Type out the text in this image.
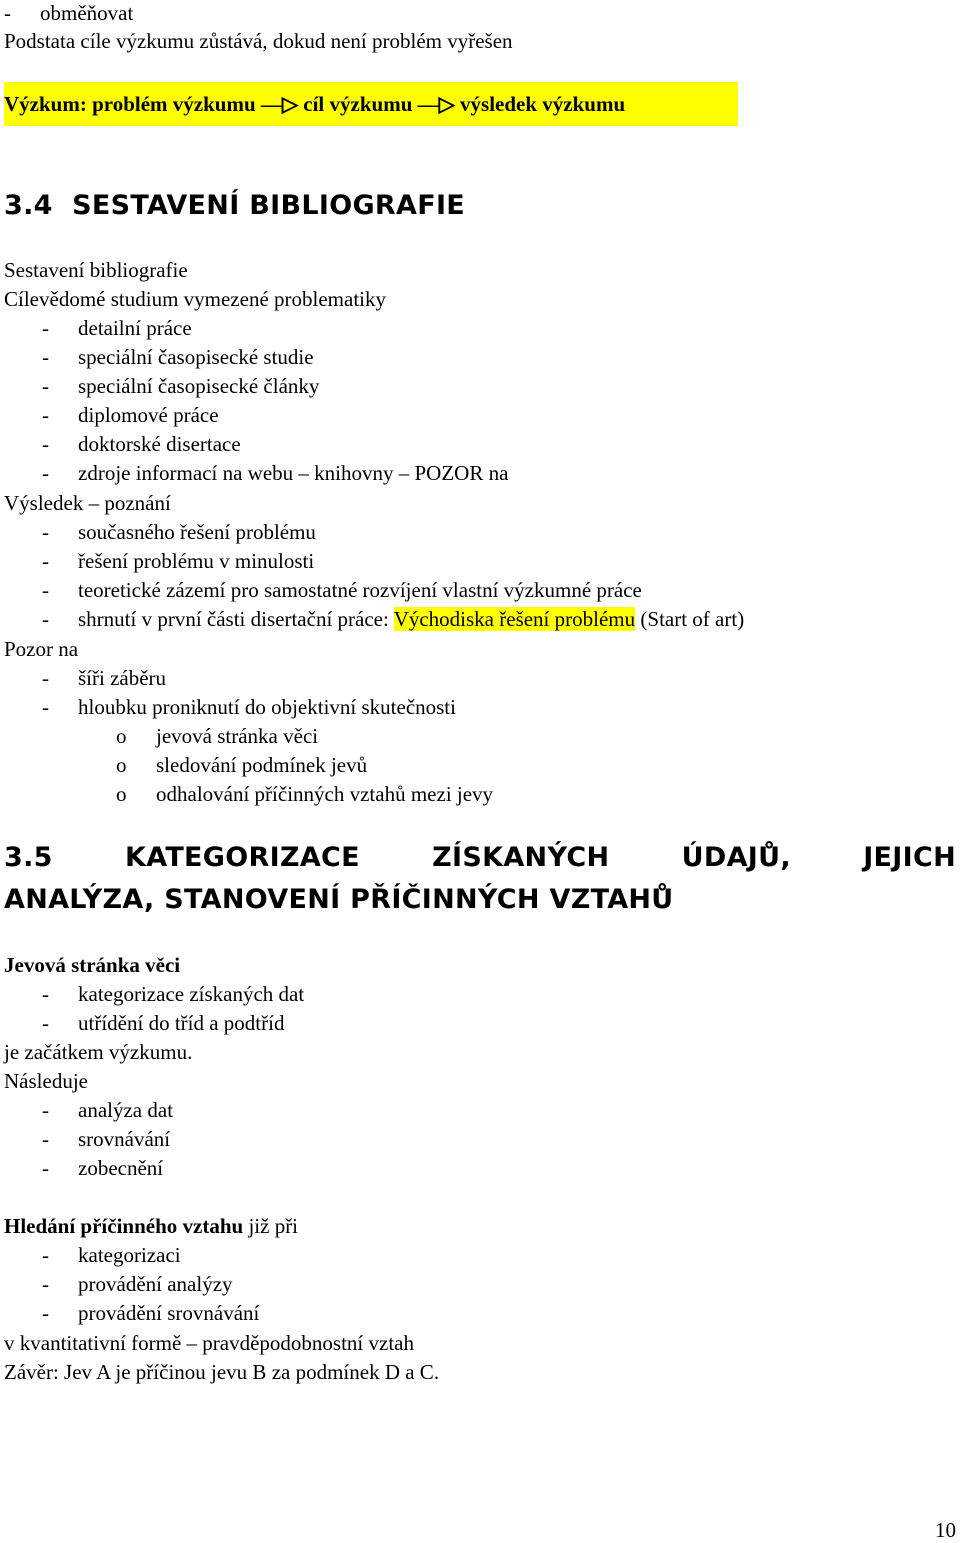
- obměňovat
Podstata cíle výzkumu zůstává, dokud není problém vyřešen
Výzkum: problém výzkumu ––▷ cíl výzkumu ––▷ výsledek výzkumu
3.4 SESTAVENÍ BIBLIOGRAFIE
Sestavení bibliografie
Cílevědomé studium vymezené problematiky
- detailní práce
- speciální časopisecké studie
- speciální časopisecké články
- diplomové práce
- doktorské disertace
- zdroje informací na webu – knihovny – POZOR na
Výsledek – poznání
- současného řešení problému
- řešení problému v minulosti
- teoretické zázemí pro samostatné rozvíjení vlastní výzkumné práce
- shrnutí v první části disertační práce: Východiska řešení problému (Start of art)
Pozor na
- šíři záběru
- hloubku proniknutí do objektivní skutečnosti
o jevová stránka věci
o sledování podmínek jevů
o odhalování příčinných vztahů mezi jevy
3.5	KATEGORIZACE	ZÍSKANÝCH	ÚDAJŮ,	JEJICH
ANALÝZA, STANOVENÍ PŘÍČINNÝCH VZTAHŮ
Jevová stránka věci
- kategorizace získaných dat
- utřídění do tříd a podtříd
je začátkem výzkumu.
Následuje
- analýza dat
- srovnávání
- zobecnění
Hledání příčinného vztahu již při
- kategorizaci
- provádění analýzy
- provádění srovnávání
v kvantitativní formě – pravděpodobnostní vztah
Závěr: Jev A je příčinou jevu B za podmínek D a C.
10
